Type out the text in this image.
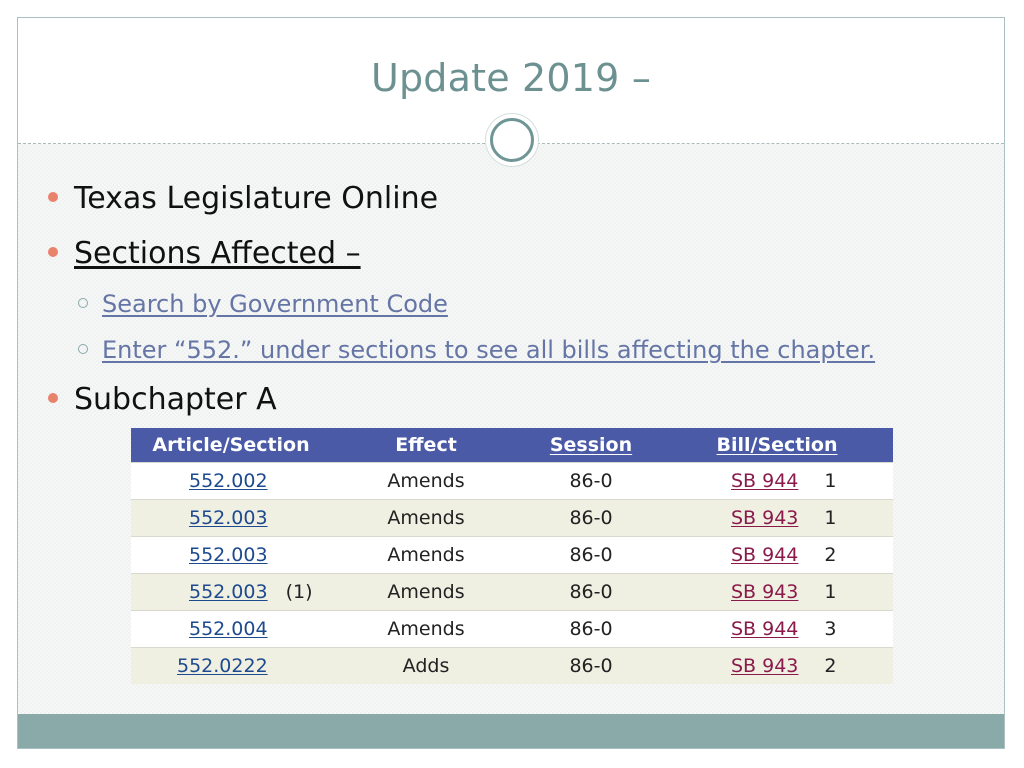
Update 2019 –
Texas Legislature Online
Sections Affected –
Search by Government Code
Enter “552.” under sections to see all bills affecting the chapter.
Subchapter A
Article/Section	Effect	Session	Bill/Section
552.002	Amends	86-0	SB 944 1
552.003	Amends	86-0	SB 943 1
552.003	Amends	86-0	SB 944 2
552.003 (1)	Amends	86-0	SB 943 1
552.004	Amends	86-0	SB 944 3
552.0222	Adds	86-0	SB 943 2
